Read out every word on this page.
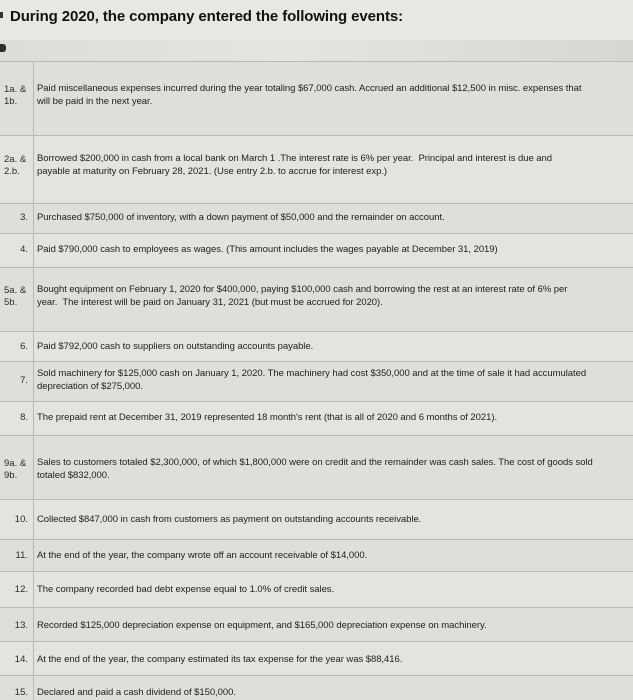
During 2020, the company entered the following events:
1a. &
1b.
Paid miscellaneous expenses incurred during the year totaling $67,000 cash. Accrued an additional $12,500 in misc. expenses that
will be paid in the next year.
2a. &
2.b.
Borrowed $200,000 in cash from a local bank on March 1 .The interest rate is 6% per year.  Principal and interest is due and
payable at maturity on February 28, 2021. (Use entry 2.b. to accrue for interest exp.)
3. Purchased $750,000 of inventory, with a down payment of $50,000 and the remainder on account.
4. Paid $790,000 cash to employees as wages. (This amount includes the wages payable at December 31, 2019)
5a. &
5b.
Bought equipment on February 1, 2020 for $400,000, paying $100,000 cash and borrowing the rest at an interest rate of 6% per
year.  The interest will be paid on January 31, 2021 (but must be accrued for 2020).
6. Paid $792,000 cash to suppliers on outstanding accounts payable.
7.
Sold machinery for $125,000 cash on January 1, 2020. The machinery had cost $350,000 and at the time of sale it had accumulated
depreciation of $275,000.
8. The prepaid rent at December 31, 2019 represented 18 month's rent (that is all of 2020 and 6 months of 2021).
9a. &
9b.
Sales to customers totaled $2,300,000, of which $1,800,000 were on credit and the remainder was cash sales. The cost of goods sold
totaled $832,000.
10. Collected $847,000 in cash from customers as payment on outstanding accounts receivable.
11. At the end of the year, the company wrote off an account receivable of $14,000.
12. The company recorded bad debt expense equal to 1.0% of credit sales.
13. Recorded $125,000 depreciation expense on equipment, and $165,000 depreciation expense on machinery.
14. At the end of the year, the company estimated its tax expense for the year was $88,416.
15. Declared and paid a cash dividend of $150,000.
